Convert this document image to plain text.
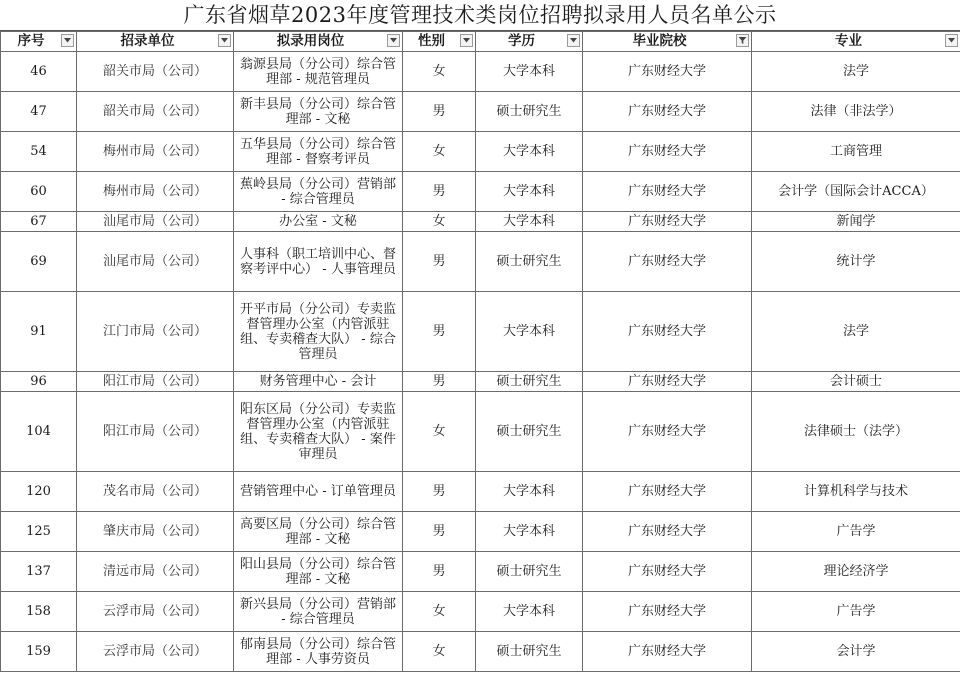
广东省烟草2023年度管理技术类岗位招聘拟录用人员名单公示
序号	招录单位	拟录用岗位	性别	学历	毕业院校	专业

46	韶关市局（公司）	翁源县局（分公司）综合管理部 - 规范管理员	女	大学本科	广东财经大学	法学

47	韶关市局（公司）	新丰县局（分公司）综合管理部 - 文秘	男	硕士研究生	广东财经大学	法律（非法学）

54	梅州市局（公司）	五华县局（分公司）综合管理部 - 督察考评员	女	大学本科	广东财经大学	工商管理

60	梅州市局（公司）	蕉岭县局（分公司）营销部 - 综合管理员	男	大学本科	广东财经大学	会计学（国际会计ACCA）

67	汕尾市局（公司）	办公室 - 文秘	女	大学本科	广东财经大学	新闻学

69	汕尾市局（公司）	人事科（职工培训中心、督察考评中心） - 人事管理员	男	硕士研究生	广东财经大学	统计学

91	江门市局（公司）	开平市局（分公司）专卖监督管理办公室（内管派驻组、专卖稽查大队） - 综合管理员	男	大学本科	广东财经大学	法学

96	阳江市局（公司）	财务管理中心 - 会计	男	硕士研究生	广东财经大学	会计硕士

104	阳江市局（公司）	阳东区局（分公司）专卖监督管理办公室（内管派驻组、专卖稽查大队） - 案件审理员	女	硕士研究生	广东财经大学	法律硕士（法学）

120	茂名市局（公司）	营销管理中心 - 订单管理员	男	大学本科	广东财经大学	计算机科学与技术

125	肇庆市局（公司）	高要区局（分公司）综合管理部 - 文秘	男	大学本科	广东财经大学	广告学

137	清远市局（公司）	阳山县局（分公司）综合管理部 - 文秘	男	硕士研究生	广东财经大学	理论经济学

158	云浮市局（公司）	新兴县局（分公司）营销部 - 综合管理员	女	大学本科	广东财经大学	广告学

159	云浮市局（公司）	郁南县局（分公司）综合管理部 - 人事劳资员	女	硕士研究生	广东财经大学	会计学
